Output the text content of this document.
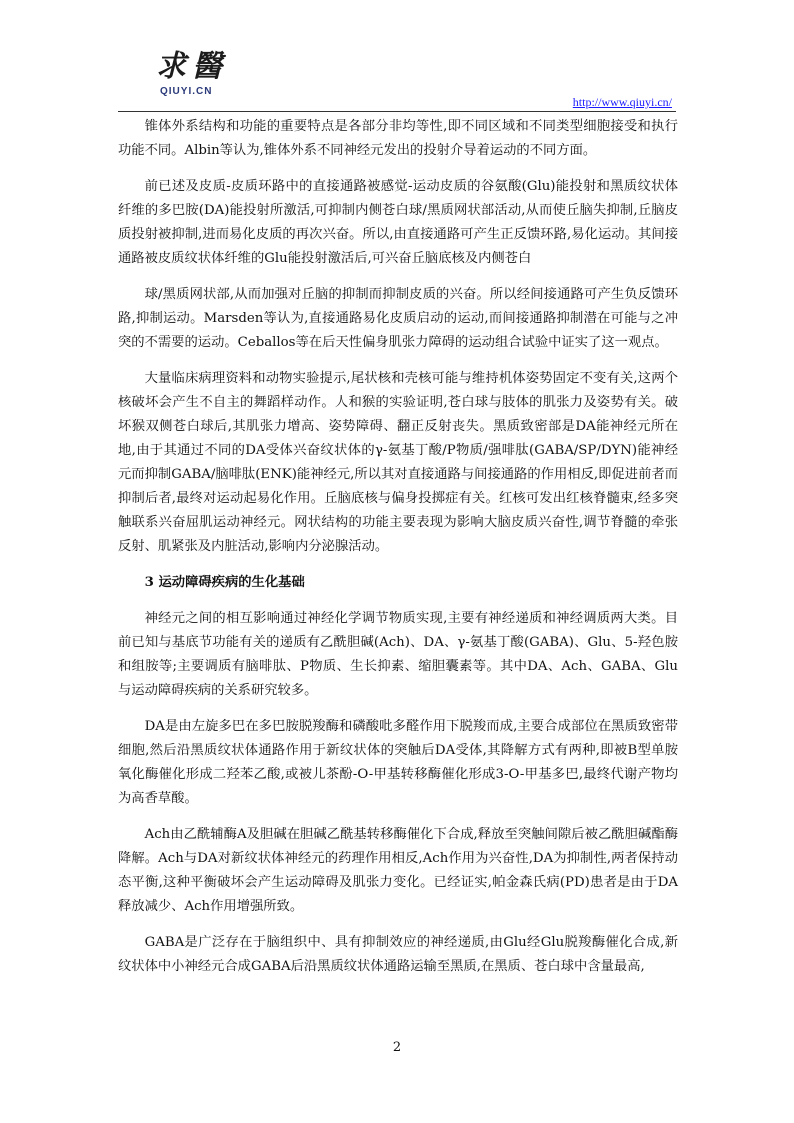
求醫
QIUYI.CN
http://www.qiuyi.cn/

锥体外系结构和功能的重要特点是各部分非均等性,即不同区域和不同类型细胞接受和执行功能不同。Albin等认为,锥体外系不同神经元发出的投射介导着运动的不同方面。

前已述及皮质-皮质环路中的直接通路被感觉-运动皮质的谷氨酸(Glu)能投射和黑质纹状体纤维的多巴胺(DA)能投射所激活,可抑制内侧苍白球/黑质网状部活动,从而使丘脑失抑制,丘脑皮质投射被抑制,进而易化皮质的再次兴奋。所以,由直接通路可产生正反馈环路,易化运动。其间接通路被皮质纹状体纤维的Glu能投射激活后,可兴奋丘脑底核及内侧苍白

球/黑质网状部,从而加强对丘脑的抑制而抑制皮质的兴奋。所以经间接通路可产生负反馈环路,抑制运动。Marsden等认为,直接通路易化皮质启动的运动,而间接通路抑制潜在可能与之冲突的不需要的运动。Ceballos等在后天性偏身肌张力障碍的运动组合试验中证实了这一观点。

大量临床病理资料和动物实验提示,尾状核和壳核可能与维持机体姿势固定不变有关,这两个核破坏会产生不自主的舞蹈样动作。人和猴的实验证明,苍白球与肢体的肌张力及姿势有关。破坏猴双侧苍白球后,其肌张力增高、姿势障碍、翻正反射丧失。黑质致密部是DA能神经元所在地,由于其通过不同的DA受体兴奋纹状体的γ-氨基丁酸/P物质/强啡肽(GABA/SP/DYN)能神经元而抑制GABA/脑啡肽(ENK)能神经元,所以其对直接通路与间接通路的作用相反,即促进前者而抑制后者,最终对运动起易化作用。丘脑底核与偏身投掷症有关。红核可发出红核脊髓束,经多突触联系兴奋屈肌运动神经元。网状结构的功能主要表现为影响大脑皮质兴奋性,调节脊髓的牵张反射、肌紧张及内脏活动,影响内分泌腺活动。

3 运动障碍疾病的生化基础

神经元之间的相互影响通过神经化学调节物质实现,主要有神经递质和神经调质两大类。目前已知与基底节功能有关的递质有乙酰胆碱(Ach)、DA、γ-氨基丁酸(GABA)、Glu、5-羟色胺和组胺等;主要调质有脑啡肽、P物质、生长抑素、缩胆囊素等。其中DA、Ach、GABA、Glu与运动障碍疾病的关系研究较多。

DA是由左旋多巴在多巴胺脱羧酶和磷酸吡多醛作用下脱羧而成,主要合成部位在黑质致密带细胞,然后沿黑质纹状体通路作用于新纹状体的突触后DA受体,其降解方式有两种,即被B型单胺氧化酶催化形成二羟苯乙酸,或被儿茶酚-O-甲基转移酶催化形成3-O-甲基多巴,最终代谢产物均为高香草酸。

Ach由乙酰辅酶A及胆碱在胆碱乙酰基转移酶催化下合成,释放至突触间隙后被乙酰胆碱酯酶降解。Ach与DA对新纹状体神经元的药理作用相反,Ach作用为兴奋性,DA为抑制性,两者保持动态平衡,这种平衡破坏会产生运动障碍及肌张力变化。已经证实,帕金森氏病(PD)患者是由于DA释放减少、Ach作用增强所致。

GABA是广泛存在于脑组织中、具有抑制效应的神经递质,由Glu经Glu脱羧酶催化合成,新纹状体中小神经元合成GABA后沿黑质纹状体通路运输至黑质,在黑质、苍白球中含量最高,

2
